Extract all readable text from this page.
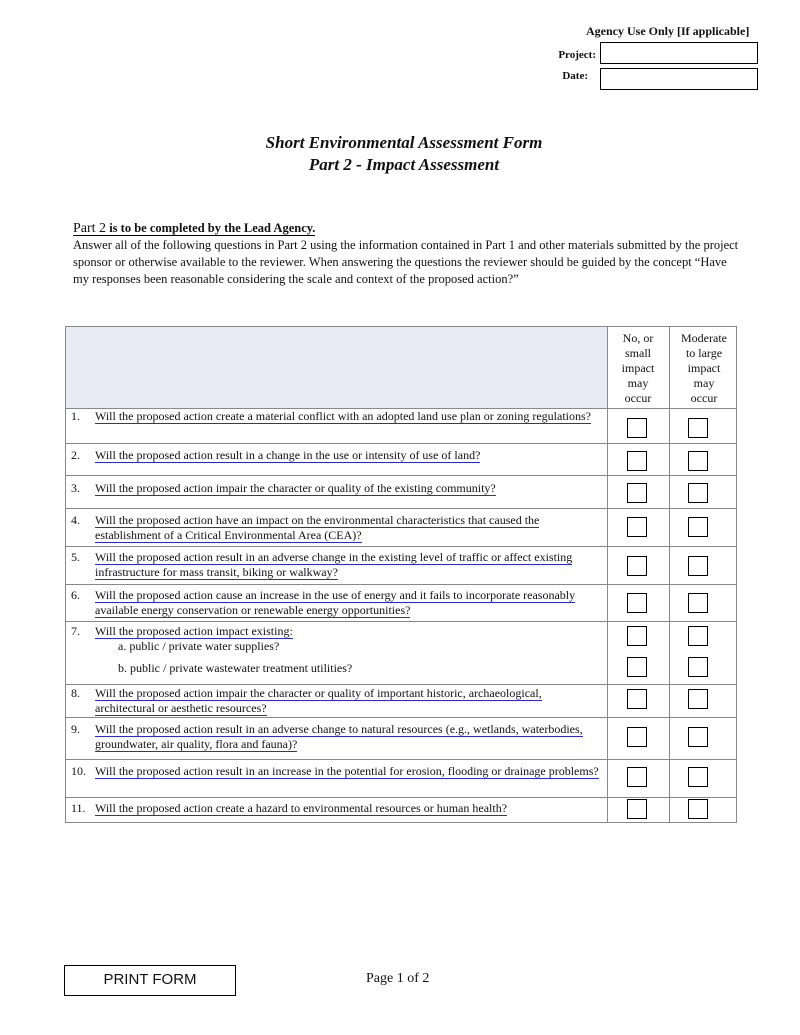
Agency Use Only [If applicable]
Project:
Date:
Short Environmental Assessment Form
Part 2 - Impact Assessment
Part 2 is to be completed by the Lead Agency.
Answer all of the following questions in Part 2 using the information contained in Part 1 and other materials submitted by the project sponsor or otherwise available to the reviewer. When answering the questions the reviewer should be guided by the concept “Have my responses been reasonable considering the scale and context of the proposed action?”
No, or
small
impact
may
occur
Moderate
to large
impact
may
occur
1. Will the proposed action create a material conflict with an adopted land use plan or zoning regulations?
2. Will the proposed action result in a change in the use or intensity of use of land?
3. Will the proposed action impair the character or quality of the existing community?
4. Will the proposed action have an impact on the environmental characteristics that caused the establishment of a Critical Environmental Area (CEA)?
5. Will the proposed action result in an adverse change in the existing level of traffic or affect existing infrastructure for mass transit, biking or walkway?
6. Will the proposed action cause an increase in the use of energy and it fails to incorporate reasonably available energy conservation or renewable energy opportunities?
7. Will the proposed action impact existing:
a. public / private water supplies?
b. public / private wastewater treatment utilities?
8. Will the proposed action impair the character or quality of important historic, archaeological, architectural or aesthetic resources?
9. Will the proposed action result in an adverse change to natural resources (e.g., wetlands, waterbodies, groundwater, air quality, flora and fauna)?
10. Will the proposed action result in an increase in the potential for erosion, flooding or drainage problems?
11. Will the proposed action create a hazard to environmental resources or human health?
PRINT FORM	Page 1 of 2
